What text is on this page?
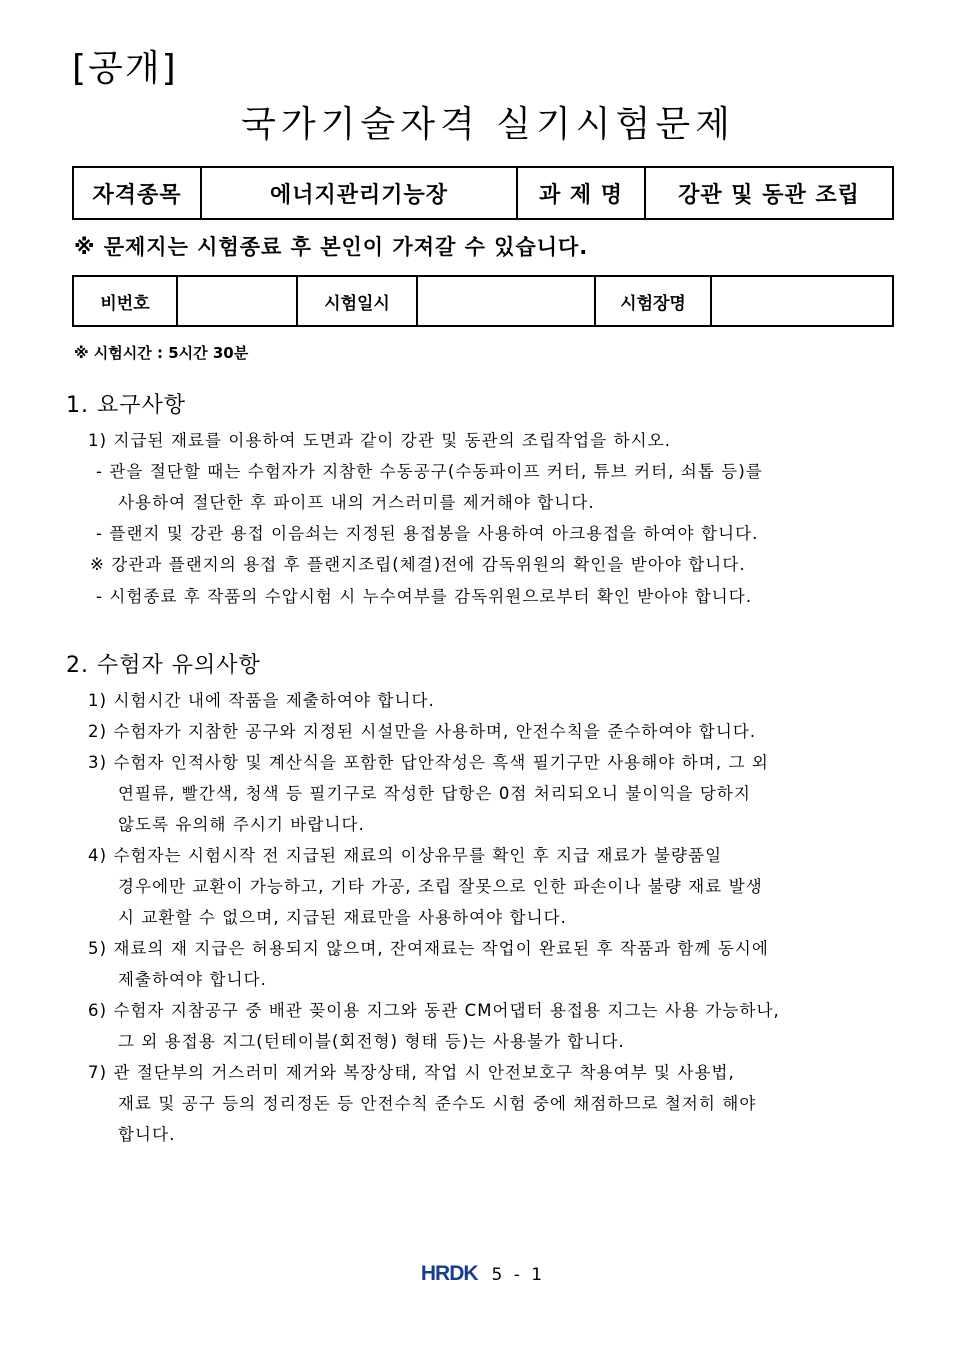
[공개]
국가기술자격 실기시험문제
자격종목	에너지관리기능장	과 제 명	강관 및 동관 조립
※ 문제지는 시험종료 후 본인이 가져갈 수 있습니다.
비번호		시험일시		시험장명	
※ 시험시간 : 5시간 30분
1. 요구사항
1) 지급된 재료를 이용하여 도면과 같이 강관 및 동관의 조립작업을 하시오.
- 관을 절단할 때는 수험자가 지참한 수동공구(수동파이프 커터, 튜브 커터, 쇠톱 등)를
사용하여 절단한 후 파이프 내의 거스러미를 제거해야 합니다.
- 플랜지 및 강관 용접 이음쇠는 지정된 용접봉을 사용하여 아크용접을 하여야 합니다.
※ 강관과 플랜지의 용접 후 플랜지조립(체결)전에 감독위원의 확인을 받아야 합니다.
- 시험종료 후 작품의 수압시험 시 누수여부를 감독위원으로부터 확인 받아야 합니다.
2. 수험자 유의사항
1) 시험시간 내에 작품을 제출하여야 합니다.
2) 수험자가 지참한 공구와 지정된 시설만을 사용하며, 안전수칙을 준수하여야 합니다.
3) 수험자 인적사항 및 계산식을 포함한 답안작성은 흑색 필기구만 사용해야 하며, 그 외
연필류, 빨간색, 청색 등 필기구로 작성한 답항은 0점 처리되오니 불이익을 당하지
않도록 유의해 주시기 바랍니다.
4) 수험자는 시험시작 전 지급된 재료의 이상유무를 확인 후 지급 재료가 불량품일
경우에만 교환이 가능하고, 기타 가공, 조립 잘못으로 인한 파손이나 불량 재료 발생
시 교환할 수 없으며, 지급된 재료만을 사용하여야 합니다.
5) 재료의 재 지급은 허용되지 않으며, 잔여재료는 작업이 완료된 후 작품과 함께 동시에
제출하여야 합니다.
6) 수험자 지참공구 중 배관 꽂이용 지그와 동관 CM어댑터 용접용 지그는 사용 가능하나,
그 외 용접용 지그(턴테이블(회전형) 형태 등)는 사용불가 합니다.
7) 관 절단부의 거스러미 제거와 복장상태, 작업 시 안전보호구 착용여부 및 사용법,
재료 및 공구 등의 정리정돈 등 안전수칙 준수도 시험 중에 채점하므로 철저히 해야
합니다.
HRDK 5 - 1
